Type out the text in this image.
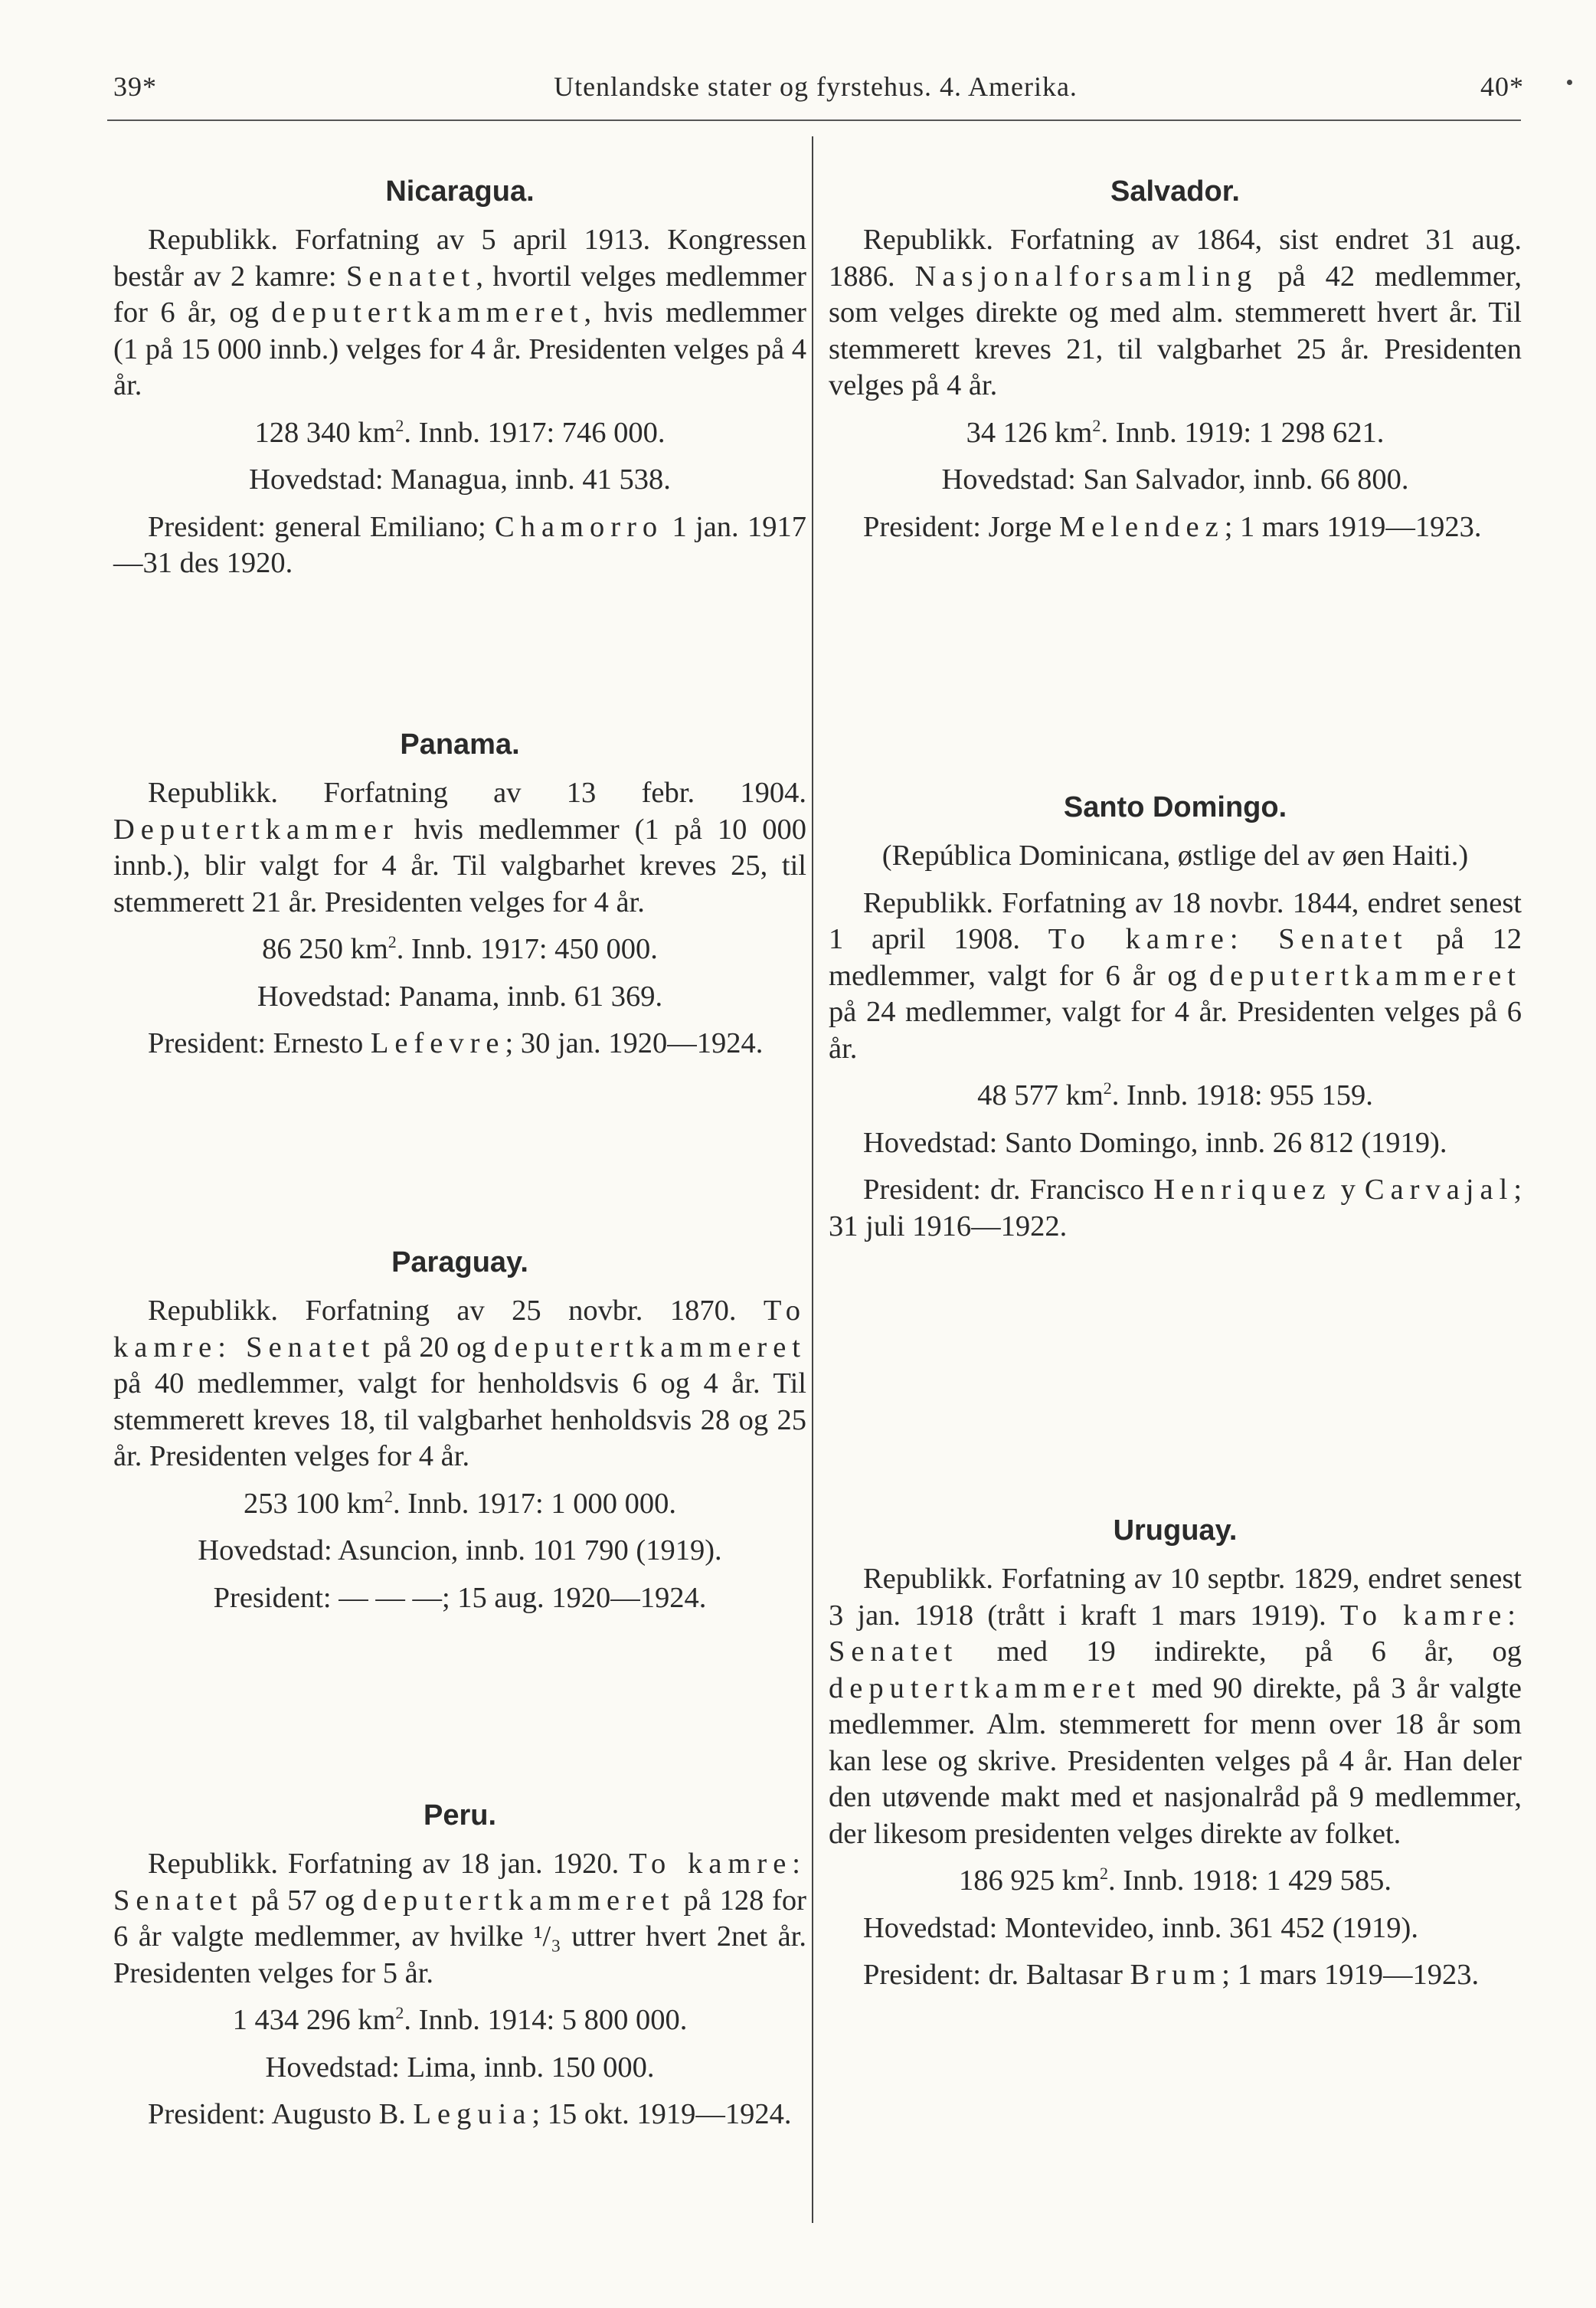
39*	Utenlandske stater og fyrstehus. 4. Amerika.	40*

Nicaragua.

Republikk. Forfatning av 5 april 1913. Kongressen består av 2 kamre: Senatet, hvortil velges medlemmer for 6 år, og deputertkammeret, hvis medlemmer (1 på 15 000 innb.) velges for 4 år. Presidenten velges på 4 år.

128 340 $km^2$. Innb. 1917: 746 000.

Hovedstad: Managua, innb. 41 538.

President: general Emiliano; Chamorro 1 jan. 1917—31 des 1920.

Panama.

Republikk. Forfatning av 13 febr. 1904. Deputertkammer hvis medlemmer (1 på 10 000 innb.), blir valgt for 4 år. Til valgbarhet kreves 25, til stemmerett 21 år. Presidenten velges for 4 år.

86 250 $km^2$. Innb. 1917: 450 000.

Hovedstad: Panama, innb. 61 369.

President: Ernesto Lefevre; 30 jan. 1920—1924.

Paraguay.

Republikk. Forfatning av 25 novbr. 1870. To kamre: Senatet på 20 og deputertkammeret på 40 medlemmer, valgt for henholdsvis 6 og 4 år. Til stemmerett kreves 18, til valgbarhet henholdsvis 28 og 25 år. Presidenten velges for 4 år.

253 100 $km^2$. Innb. 1917: 1 000 000.

Hovedstad: Asuncion, innb. 101 790 (1919).

President: — — —; 15 aug. 1920—1924.

Peru.

Republikk. Forfatning av 18 jan. 1920. To kamre: Senatet på 57 og deputertkammeret på 128 for 6 år valgte medlemmer, av hvilke ¹/₃ uttrer hvert 2net år. Presidenten velges for 5 år.

1 434 296 $km^2$. Innb. 1914: 5 800 000.

Hovedstad: Lima, innb. 150 000.

President: Augusto B. Leguia; 15 okt. 1919—1924.

Salvador.

Republikk. Forfatning av 1864, sist endret 31 aug. 1886. Nasjonalforsamling på 42 medlemmer, som velges direkte og med alm. stemmerett hvert år. Til stemmerett kreves 21, til valgbarhet 25 år. Presidenten velges på 4 år.

34 126 $km^2$. Innb. 1919: 1 298 621.

Hovedstad: San Salvador, innb. 66 800.

President: Jorge Melendez; 1 mars 1919—1923.

Santo Domingo.

(República Dominicana, østlige del av øen Haiti.)

Republikk. Forfatning av 18 novbr. 1844, endret senest 1 april 1908. To kamre: Senatet på 12 medlemmer, valgt for 6 år og deputertkammeret på 24 medlemmer, valgt for 4 år. Presidenten velges på 6 år.

48 577 $km^2$. Innb. 1918: 955 159.

Hovedstad: Santo Domingo, innb. 26 812 (1919).

President: dr. Francisco Henriquez y Carvajal; 31 juli 1916—1922.

Uruguay.

Republikk. Forfatning av 10 septbr. 1829, endret senest 3 jan. 1918 (trått i kraft 1 mars 1919). To kamre: Senatet med 19 indirekte, på 6 år, og deputertkammeret med 90 direkte, på 3 år valgte medlemmer. Alm. stemmerett for menn over 18 år som kan lese og skrive. Presidenten velges på 4 år. Han deler den utøvende makt med et nasjonalråd på 9 medlemmer, der likesom presidenten velges direkte av folket.

186 925 $km^2$. Innb. 1918: 1 429 585.

Hovedstad: Montevideo, innb. 361 452 (1919).

President: dr. Baltasar Brum; 1 mars 1919—1923.
